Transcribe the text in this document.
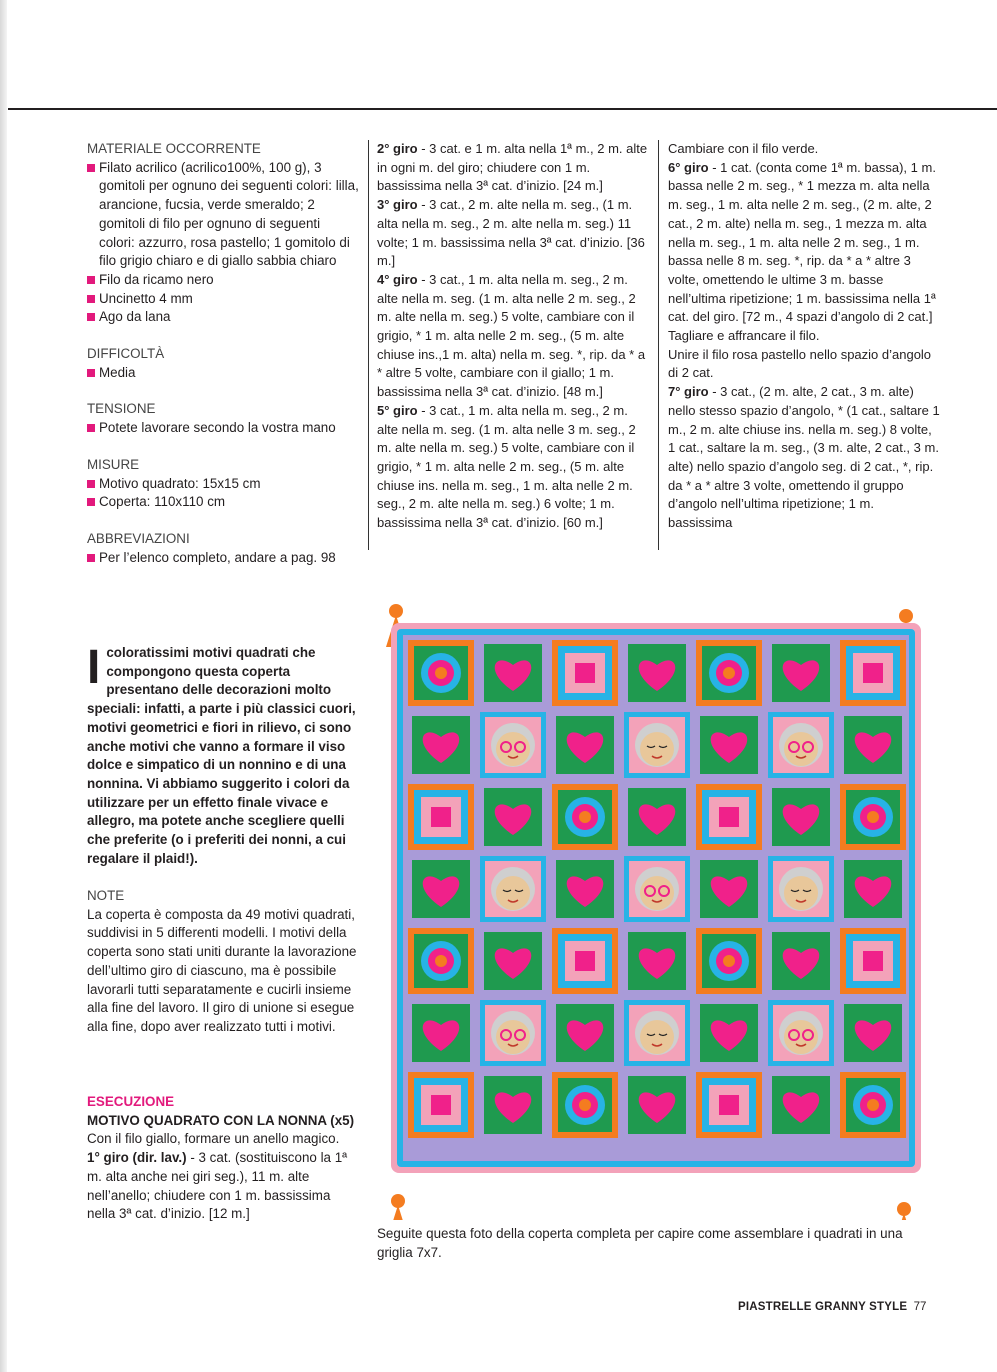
MATERIALE OCCORRENTE

Filato acrilico (acrilico100%, 100 g), 3 gomitoli per ognuno dei seguenti colori: lilla, arancione, fucsia, verde smeraldo; 2 gomitoli di filo per ognuno di seguenti colori: azzurro, rosa pastello; 1 gomitolo di filo grigio chiaro e di giallo sabbia chiaro
Filo da ricamo nero
Uncinetto 4 mm
Ago da lana

DIFFICOLTÀ

Media

TENSIONE

Potete lavorare secondo la vostra mano

MISURE

Motivo quadrato: 15x15 cm
Coperta: 110x110 cm

ABBREVIAZIONI

Per l’elenco completo, andare a pag. 98
Icoloratissimi motivi quadrati che compongono questa coperta presentano delle decorazioni molto speciali: infatti, a parte i più classici cuori, motivi geometrici e fiori in rilievo, ci sono anche motivi che vanno a formare il viso dolce e simpatico di un nonnino e di una nonnina. Vi abbiamo suggerito i colori da utilizzare per un effetto finale vivace e allegro, ma potete anche scegliere quelli che preferite (o i preferiti dei nonni, a cui regalare il plaid!).

NOTE

La coperta è composta da 49 motivi quadrati, suddivisi in 5 differenti modelli. I motivi della coperta sono stati uniti durante la lavorazione dell’ultimo giro di ciascuno, ma è possibile lavorarli tutti separatamente e cucirli insieme alla fine del lavoro. Il giro di unione si esegue alla fine, dopo aver realizzato tutti i motivi.

ESECUZIONE

MOTIVO QUADRATO CON LA NONNA (x5)

Con il filo giallo, formare un anello magico.

1° giro (dir. lav.) - 3 cat. (sostituiscono la 1ª m. alta anche nei giri seg.), 11 m. alte nell’anello; chiudere con 1 m. bassissima nella 3ª cat. d’inizio. [12 m.]

2° giro - 3 cat. e 1 m. alta nella 1ª m., 2 m. alte in ogni m. del giro; chiudere con 1 m. bassissima nella 3ª cat. d’inizio. [24 m.]

3° giro - 3 cat., 2 m. alte nella m. seg., (1 m. alta nella m. seg., 2 m. alte nella m. seg.) 11 volte; 1 m. bassissima nella 3ª cat. d’inizio. [36 m.]

4° giro - 3 cat., 1 m. alta nella m. seg., 2 m. alte nella m. seg. (1 m. alta nelle 2 m. seg., 2 m. alte nella m. seg.) 5 volte, cambiare con il grigio, * 1 m. alta nelle 2 m. seg., (5 m. alte chiuse ins.,1 m. alta) nella m. seg. *, rip. da * a * altre 5 volte, cambiare con il giallo; 1 m. bassissima nella 3ª cat. d’inizio. [48 m.]

5° giro - 3 cat., 1 m. alta nella m. seg., 2 m. alte nella m. seg. (1 m. alta nelle 3 m. seg., 2 m. alte nella m. seg.) 5 volte, cambiare con il grigio, * 1 m. alta nelle 2 m. seg., (5 m. alte chiuse ins. nella m. seg., 1 m. alta nelle 2 m. seg., 2 m. alte nella m. seg.) 6 volte; 1 m. bassissima nella 3ª cat. d’inizio. [60 m.]

Cambiare con il filo verde.

6° giro - 1 cat. (conta come 1ª m. bassa), 1 m. bassa nelle 2 m. seg., * 1 mezza m. alta nella m. seg., 1 m. alta nelle 2 m. seg., (2 m. alte, 2 cat., 2 m. alte) nella m. seg., 1 mezza m. alta nella m. seg., 1 m. alta nelle 2 m. seg., 1 m. bassa nelle 8 m. seg. *, rip. da * a * altre 3 volte, omettendo le ultime 3 m. basse nell’ultima ripetizione; 1 m. bassissima nella 1ª cat. del giro. [72 m., 4 spazi d’angolo di 2 cat.]

Tagliare e affrancare il filo.

Unire il filo rosa pastello nello spazio d’angolo di 2 cat.

7° giro - 3 cat., (2 m. alte, 2 cat., 3 m. alte) nello stesso spazio d’angolo, * (1 cat., saltare 1 m., 2 m. alte chiuse ins. nella m. seg.) 8 volte, 1 cat., saltare la m. seg., (3 m. alte, 2 cat., 3 m. alte) nello spazio d’angolo seg. di 2 cat., *, rip. da * a * altre 3 volte, omettendo il gruppo d’angolo nell’ultima ripetizione; 1 m. bassissima

Seguite questa foto della coperta completa per capire come assemblare i quadrati in una griglia 7x7.
PIASTRELLE GRANNY STYLE 77
